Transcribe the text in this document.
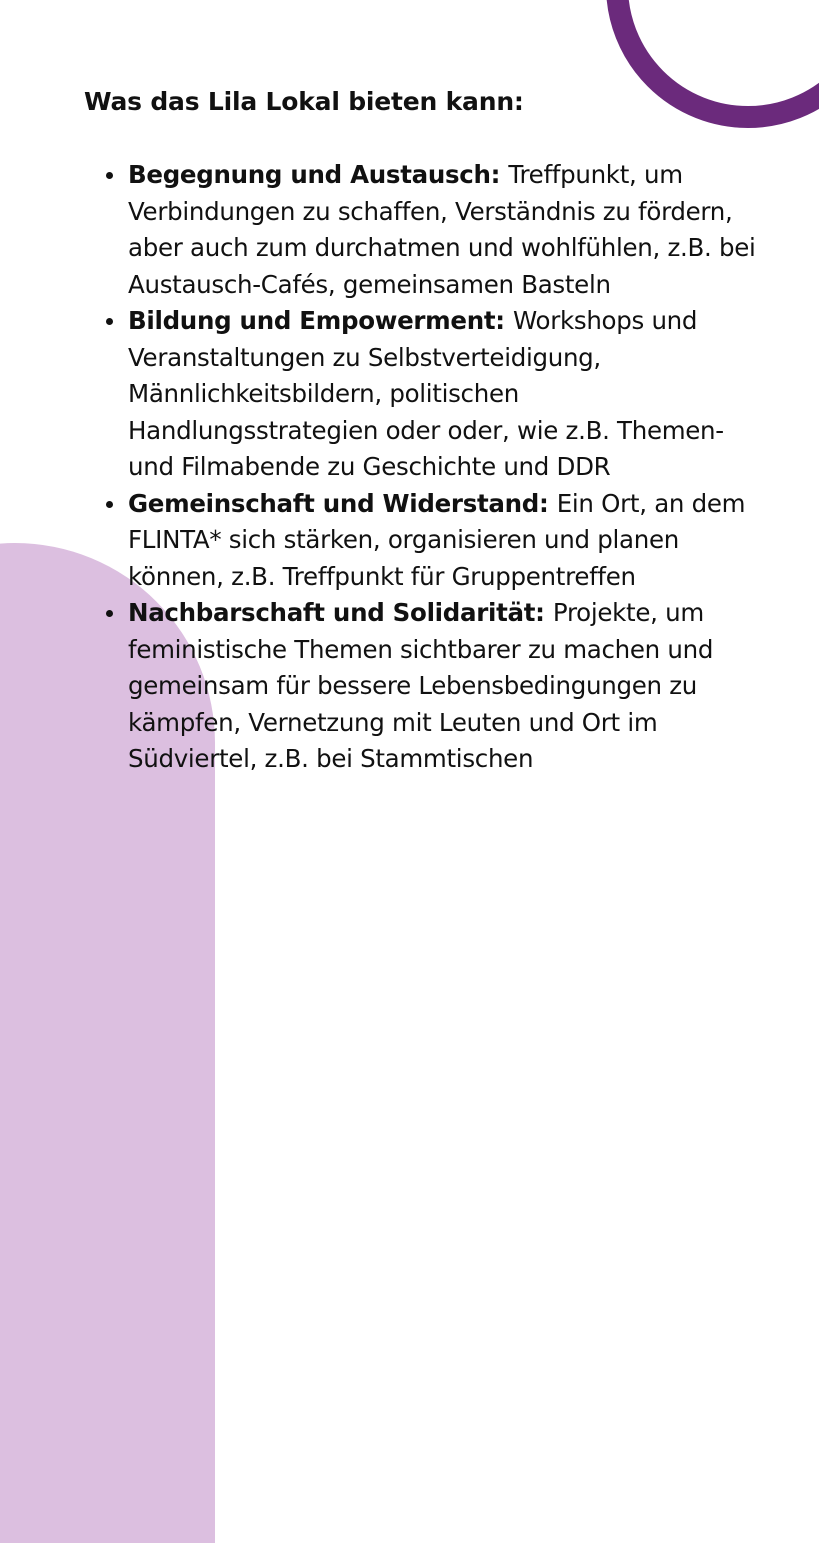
Was das Lila Lokal bieten kann:
Begegnung und Austausch: Treffpunkt, um Verbindungen zu schaffen, Verständnis zu fördern, aber auch zum durchatmen und wohlfühlen, z.B. bei Austausch-Cafés, gemeinsamen Basteln
Bildung und Empowerment: Workshops und Veranstaltungen zu Selbstverteidigung, Männlichkeitsbildern, politischen Handlungsstrategien oder oder, wie z.B. Themen- und Filmabende zu Geschichte und DDR
Gemeinschaft und Widerstand: Ein Ort, an dem FLINTA* sich stärken, organisieren und planen können, z.B. Treffpunkt für Gruppentreffen
Nachbarschaft und Solidarität: Projekte, um feministische Themen sichtbarer zu machen und gemeinsam für bessere Lebensbedingungen zu kämpfen, Vernetzung mit Leuten und Ort im Südviertel, z.B. bei Stammtischen
